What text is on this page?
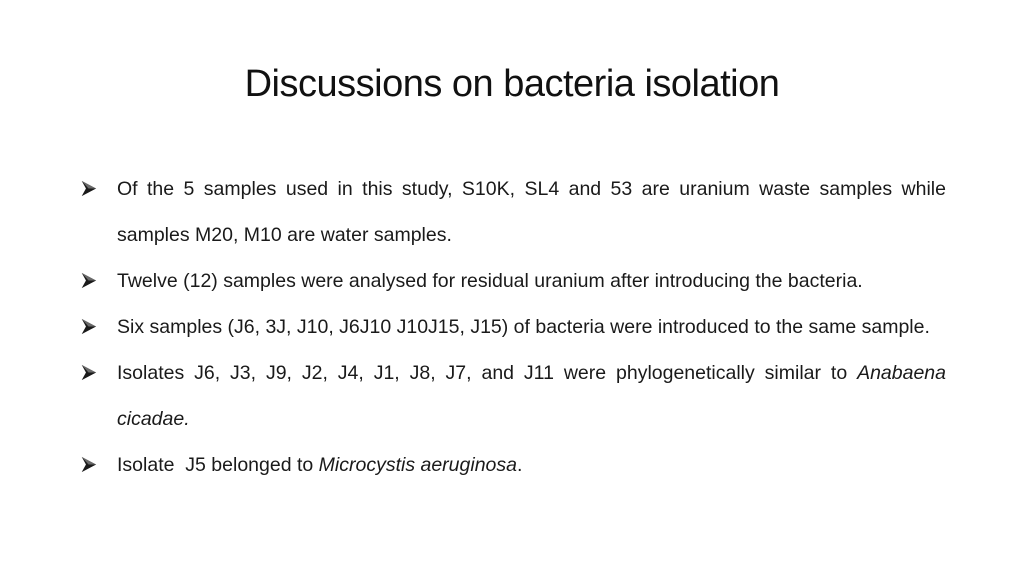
Discussions on bacteria isolation
Of the 5 samples used in this study, S10K, SL4 and 53 are uranium waste samples while samples M20, M10 are water samples.
Twelve (12) samples were analysed for residual uranium after introducing the bacteria.
Six samples (J6, 3J, J10, J6J10 J10J15, J15) of bacteria were introduced to the same sample.
Isolates J6, J3, J9, J2, J4, J1, J8, J7, and J11 were phylogenetically similar to Anabaena cicadae.
Isolate  J5 belonged to Microcystis aeruginosa.
